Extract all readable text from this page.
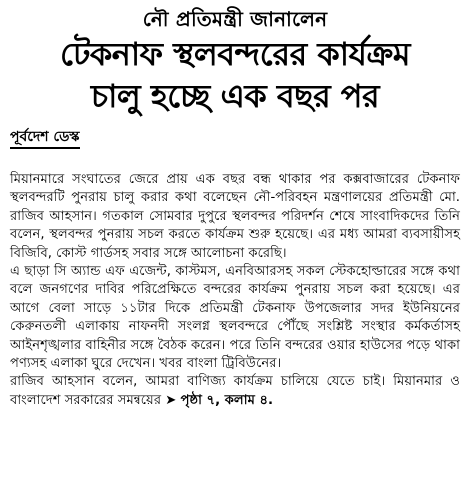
নৌ প্রতিমন্ত্রী জানালেন
টেকনাফ স্থলবন্দরের কার্যক্রম
চালু হচ্ছে এক বছর পর
পূর্বদেশ ডেস্ক

মিয়ানমারে সংঘাতের জেরে প্রায় এক বছর বন্ধ থাকার পর কক্সবাজারের টেকনাফ স্থলবন্দরটি পুনরায় চালু করার কথা বলেছেন নৌ-পরিবহন মন্ত্রণালয়ের প্রতিমন্ত্রী মো. রাজিব আহসান। গতকাল সোমবার দুপুরে স্থলবন্দর পরিদর্শন শেষে সাংবাদিকদের তিনি বলেন, স্থলবন্দর পুনরায় সচল করতে কার্যক্রম শুরু হয়েছে। এর মধ্য আমরা ব্যবসায়ীসহ বিজিবি, কোস্ট গার্ডসহ সবার সঙ্গে আলোচনা করেছি।

এ ছাড়া সি অ্যান্ড এফ এজেন্ট, কাস্টমস, এনবিআরসহ সকল স্টেকহোল্ডারের সঙ্গে কথা বলে জনগণের দাবির পরিপ্রেক্ষিতে বন্দরের কার্যক্রম পুনরায় সচল করা হয়েছে। এর আগে বেলা সাড়ে ১১টার দিকে প্রতিমন্ত্রী টেকনাফ উপজেলার সদর ইউনিয়নের কেরুনতলী এলাকায় নাফনদী সংলগ্ন স্থলবন্দরে পৌঁছে সংশ্লিষ্ট সংস্থার কর্মকর্তাসহ আইনশৃঙ্খলার বাহিনীর সঙ্গে বৈঠক করেন। পরে তিনি বন্দরের ওয়ার হাউসের পড়ে থাকা পণ্যসহ এলাকা ঘুরে দেখেন। খবর বাংলা ট্রিবিউনের।

রাজিব আহসান বলেন, আমরা বাণিজ্য কার্যক্রম চালিয়ে যেতে চাই। মিয়ানমার ও বাংলাদেশ সরকারের সমন্বয়ের ➤ পৃষ্ঠা ৭, কলাম ৪.
